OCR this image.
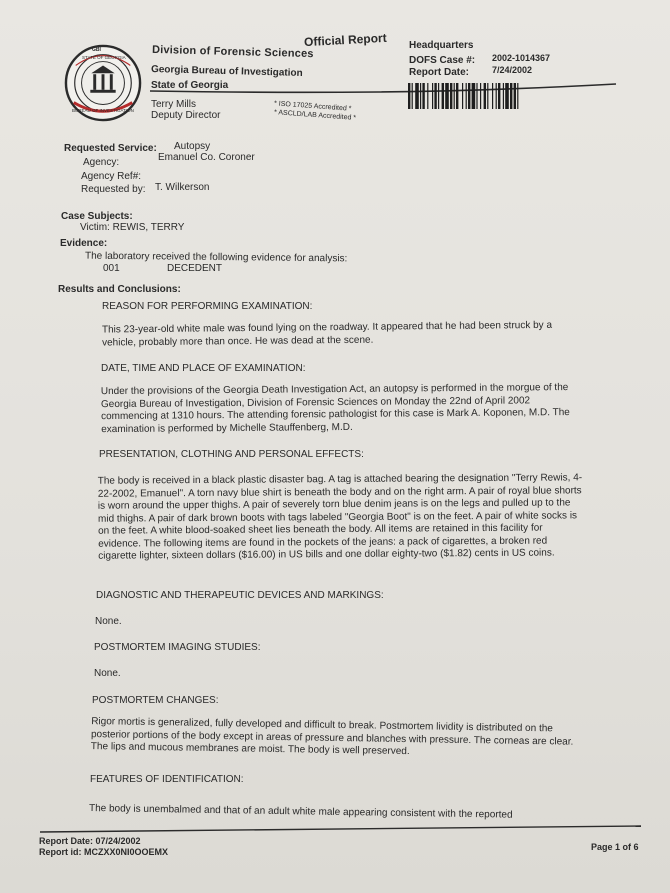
GBI
STATE OF GEORGIA
BUREAU OF INVESTIGATION
Official Report
Division of Forensic Sciences
Georgia Bureau of Investigation
State of Georgia
Terry Mills
Deputy Director
* ISO 17025 Accredited *
* ASCLD/LAB Accredited *
Headquarters
DOFS Case #: 2002-1014367
Report Date:	7/24/2002
Requested Service: Autopsy
Agency:	Emanuel Co. Coroner
Agency Ref#:
Requested by: T. Wilkerson
Case Subjects:
Victim: REWIS, TERRY
Evidence:
The laboratory received the following evidence for analysis:
001	DECEDENT
Results and Conclusions:
REASON FOR PERFORMING EXAMINATION:
This 23-year-old white male was found lying on the roadway. It appeared that he had been struck by a vehicle, probably more than once. He was dead at the scene.
DATE, TIME AND PLACE OF EXAMINATION:
Under the provisions of the Georgia Death Investigation Act, an autopsy is performed in the morgue of the Georgia Bureau of Investigation, Division of Forensic Sciences on Monday the 22nd of April 2002 commencing at 1310 hours. The attending forensic pathologist for this case is Mark A. Koponen, M.D. The examination is performed by Michelle Stauffenberg, M.D.
PRESENTATION, CLOTHING AND PERSONAL EFFECTS:
The body is received in a black plastic disaster bag. A tag is attached bearing the designation "Terry Rewis, 4-22-2002, Emanuel". A torn navy blue shirt is beneath the body and on the right arm. A pair of royal blue shorts is worn around the upper thighs. A pair of severely torn blue denim jeans is on the legs and pulled up to the mid thighs. A pair of dark brown boots with tags labeled "Georgia Boot" is on the feet. A pair of white socks is on the feet. A white blood-soaked sheet lies beneath the body. All items are retained in this facility for evidence. The following items are found in the pockets of the jeans: a pack of cigarettes, a broken red cigarette lighter, sixteen dollars ($16.00) in US bills and one dollar eighty-two ($1.82) cents in US coins.
DIAGNOSTIC AND THERAPEUTIC DEVICES AND MARKINGS:
None.
POSTMORTEM IMAGING STUDIES:
None.
POSTMORTEM CHANGES:
Rigor mortis is generalized, fully developed and difficult to break. Postmortem lividity is distributed on the posterior portions of the body except in areas of pressure and blanches with pressure. The corneas are clear. The lips and mucous membranes are moist. The body is well preserved.
FEATURES OF IDENTIFICATION:
The body is unembalmed and that of an adult white male appearing consistent with the reported
Report Date: 07/24/2002
Report id: MCZXX0NI0OOEMX	Page 1 of 6
